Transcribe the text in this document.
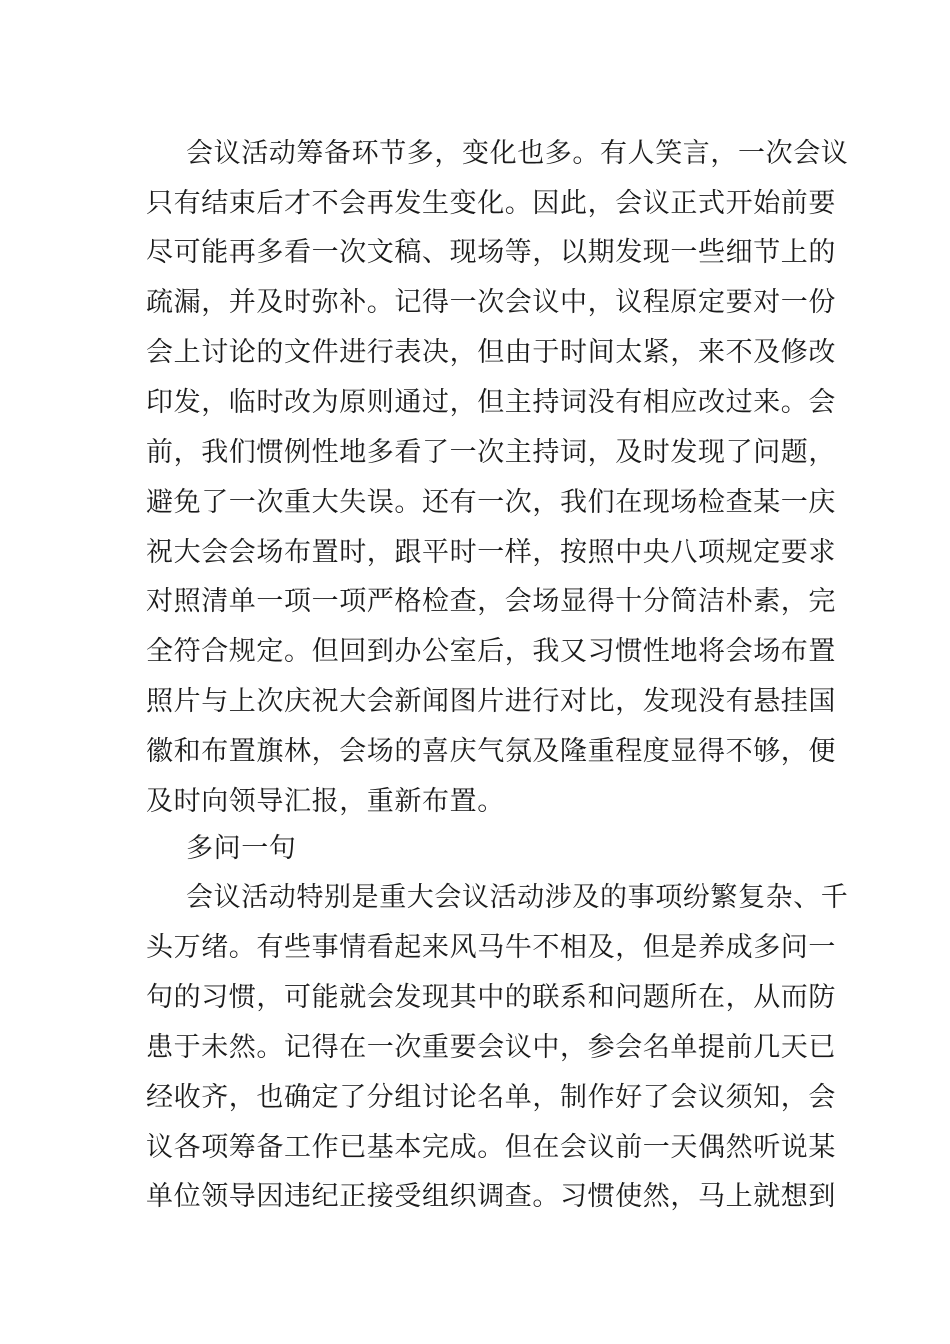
会议活动筹备环节多，变化也多。有人笑言，一次会议
只有结束后才不会再发生变化。因此，会议正式开始前要
尽可能再多看一次文稿、现场等，以期发现一些细节上的
疏漏，并及时弥补。记得一次会议中，议程原定要对一份
会上讨论的文件进行表决，但由于时间太紧，来不及修改
印发，临时改为原则通过，但主持词没有相应改过来。会
前，我们惯例性地多看了一次主持词，及时发现了问题，
避免了一次重大失误。还有一次，我们在现场检查某一庆
祝大会会场布置时，跟平时一样，按照中央八项规定要求
对照清单一项一项严格检查，会场显得十分简洁朴素，完
全符合规定。但回到办公室后，我又习惯性地将会场布置
照片与上次庆祝大会新闻图片进行对比，发现没有悬挂国
徽和布置旗林，会场的喜庆气氛及隆重程度显得不够，便
及时向领导汇报，重新布置。
多问一句
会议活动特别是重大会议活动涉及的事项纷繁复杂、千
头万绪。有些事情看起来风马牛不相及，但是养成多问一
句的习惯，可能就会发现其中的联系和问题所在，从而防
患于未然。记得在一次重要会议中，参会名单提前几天已
经收齐，也确定了分组讨论名单，制作好了会议须知，会
议各项筹备工作已基本完成。但在会议前一天偶然听说某
单位领导因违纪正接受组织调查。习惯使然，马上就想到
